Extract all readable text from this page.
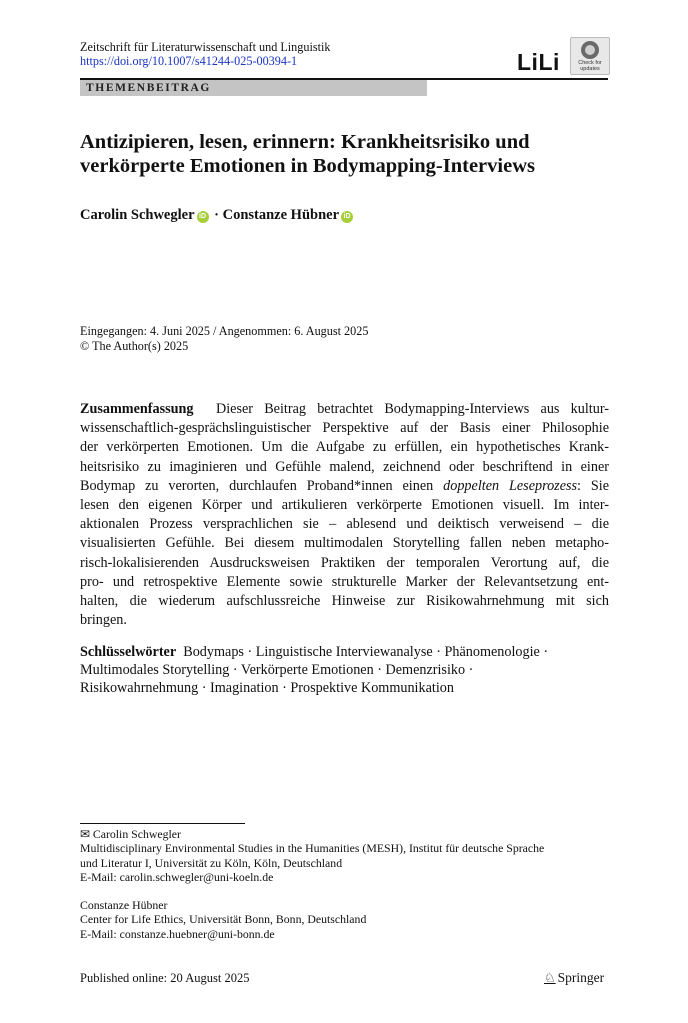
Zeitschrift für Literaturwissenschaft und Linguistik
https://doi.org/10.1007/s41244-025-00394-1	LiLi	Check for
updates
THEMENBEITRAG
Antizipieren, lesen, erinnern: Krankheitsrisiko und
verkörperte Emotionen in Bodymapping-Interviews
Carolin Schwegler iD · Constanze Hübner iD
Eingegangen: 4. Juni 2025 / Angenommen: 6. August 2025
© The Author(s) 2025
Zusammenfassung Dieser Beitrag betrachtet Bodymapping-Interviews aus kultur-
wissenschaftlich-gesprächslinguistischer Perspektive auf der Basis einer Philosophie
der verkörperten Emotionen. Um die Aufgabe zu erfüllen, ein hypothetisches Krank-
heitsrisiko zu imaginieren und Gefühle malend, zeichnend oder beschriftend in einer
Bodymap zu verorten, durchlaufen Proband*innen einen doppelten Leseprozess: Sie
lesen den eigenen Körper und artikulieren verkörperte Emotionen visuell. Im inter-
aktionalen Prozess versprachlichen sie – ablesend und deiktisch verweisend – die
visualisierten Gefühle. Bei diesem multimodalen Storytelling fallen neben metapho-
risch-lokalisierenden Ausdrucksweisen Praktiken der temporalen Verortung auf, die
pro- und retrospektive Elemente sowie strukturelle Marker der Relevantsetzung ent-
halten, die wiederum aufschlussreiche Hinweise zur Risikowahrnehmung mit sich
bringen.
Schlüsselwörter Bodymaps · Linguistische Interviewanalyse · Phänomenologie ·
Multimodales Storytelling · Verkörperte Emotionen · Demenzrisiko ·
Risikowahrnehmung · Imagination · Prospektive Kommunikation
✉ Carolin Schwegler
Multidisciplinary Environmental Studies in the Humanities (MESH), Institut für deutsche Sprache
und Literatur I, Universität zu Köln, Köln, Deutschland
E-Mail: carolin.schwegler@uni-koeln.de
Constanze Hübner
Center for Life Ethics, Universität Bonn, Bonn, Deutschland
E-Mail: constanze.huebner@uni-bonn.de
Published online: 20 August 2025	♘ Springer
